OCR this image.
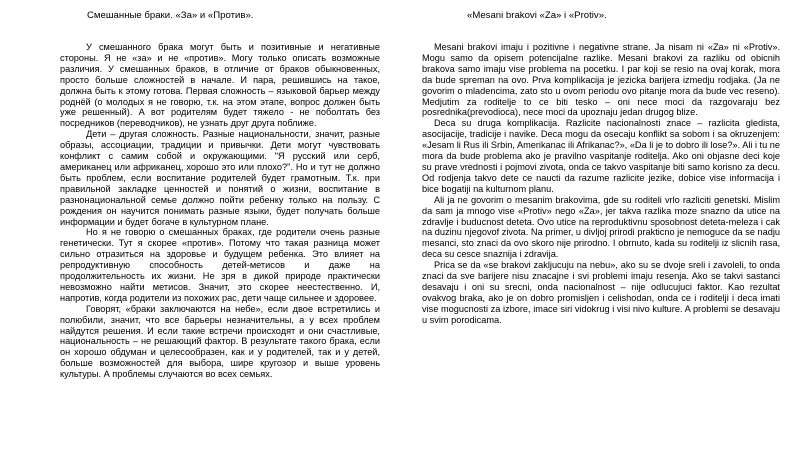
Смешанные браки. «За» и «Против».

У смешанного брака могут быть и позитивные и негативные стороны. Я не «за» и не «против». Могу только описать возможные различия. У смешанных браков, в отличие от браков обыкновенных, просто больше сложностей в начале. И пара, решившись на такое, должна быть к этому готова. Первая сложность – языковой барьер между роднёй (о молодых я не говорю, т.к. на этом этапе, вопрос должен быть уже решенный). А вот родителям будет тяжело - не поболтать без посредников (переводчиков), не узнать друг друга поближе.

Дети – другая сложность. Разные национальности, значит, разные образы, ассоциации, традиции и привычки. Дети могут чувствовать конфликт с самим собой и окружающими. "Я русский или серб, американец или африканец, хорошо это или плохо?". Но и тут не должно быть проблем, если воспитание родителей будет грамотным. Т.к. при правильной закладке ценностей и понятий о жизни, воспитание в разнонациональной семье должно пойти ребенку только на пользу. С рождения он научится понимать разные языки, будет получать больше информации и будет богаче в культурном плане.

Но я не говорю о смешанных браках, где родители очень разные генетически. Тут я скорее «против». Потому что такая разница может сильно отразиться на здоровье и будущем ребенка. Это влияет на репродуктивную способность детей-метисов и даже на продолжительность их жизни. Не зря в дикой природе практически невозможно найти метисов. Значит, это скорее неестественно. И, напротив, когда родители из похожих рас, дети чаще сильнее и здоровее.

Говорят, «браки заключаются на небе», если двое встретились и полюбили, значит, что все барьеры незначительны, а у всех проблем найдутся решения. И если такие встречи происходят и они счастливые, национальность – не решающий фактор. В результате такого брака, если он хорошо обдуман и целесообразен, как и у родителей, так и у детей, больше возможностей для выбора, шире кругозор и выше уровень культуры. А проблемы случаются во всех семьях.

«Mesani brakovi «Za» i «Protiv».

Mesani brakovi imaju i pozitivne i negativne strane. Ja nisam ni «Za» ni «Protiv». Mogu samo da opisem potencijalne razlike. Mesani brakovi za razliku od obicnih brakova samo imaju vise problema na pocetku. I par koji se resio na ovaj korak, mora da bude spreman na ovo. Prva komplikacija je jezicka barijera izmedju rodjaka. (Ja ne govorim o mladencima, zato sto u ovom periodu ovo pitanje mora da bude vec reseno). Medjutim za roditelje to ce biti tesko – oni nece moci da razgovaraju bez posrednika(prevodioca), nece moci da upoznaju jedan drugog blize.

Deca su druga komplikacija. Razlicite nacionalnosti znace – razlicita gledista, asocijacije, tradicije i navike. Deca mogu da osecaju konflikt sa sobom i sa okruzenjem: «Jesam li Rus ili Srbin, Amerikanac ili Afrikanac?», «Da li je to dobro ili lose?». Ali i tu ne mora da bude problema ako je pravilno vaspitanje roditelja. Ako oni objasne deci koje su prave vrednosti i pojmovi zivota, onda ce takvo vaspitanje biti samo korisno za decu. Od rodjenja takvo dete ce naucti da razume razlicite jezike, dobice vise informacija i bice bogatiji na kulturnom planu.

Ali ja ne govorim o mesanim brakovima, gde su roditeli vrlo razliciti genetski. Mislim da sam ja mnogo vise «Protiv» nego «Za», jer takva razlika moze snazno da utice na zdravlje i buducnost deteta. Ovo utice na reproduktivnu sposobnost deteta-meleza i cak na duzinu njegovof zivota. Na primer, u divljoj prirodi prakticno je nemoguce da se nadju mesanci, sto znaci da ovo skoro nije prirodno. I obrnuto, kada su roditelji iz slicnih rasa, deca su cesce snaznija i zdravija.

Prica se da «se brakovi zakljucuju na nebu», ako su se dvoje sreli i zavoleli, to onda znaci da sve barijere nisu znacajne i svi problemi imaju resenja. Ako se takvi sastanci desavaju i oni su srecni, onda nacionalnost – nije odlucujuci faktor. Kao rezultat ovakvog braka, ako je on dobro promisljen i celishodan, onda ce i roditelji i deca imati vise mogucnosti za izbore, imace siri vidokrug i visi nivo kulture. A problemi se desavaju u svim porodicama.
